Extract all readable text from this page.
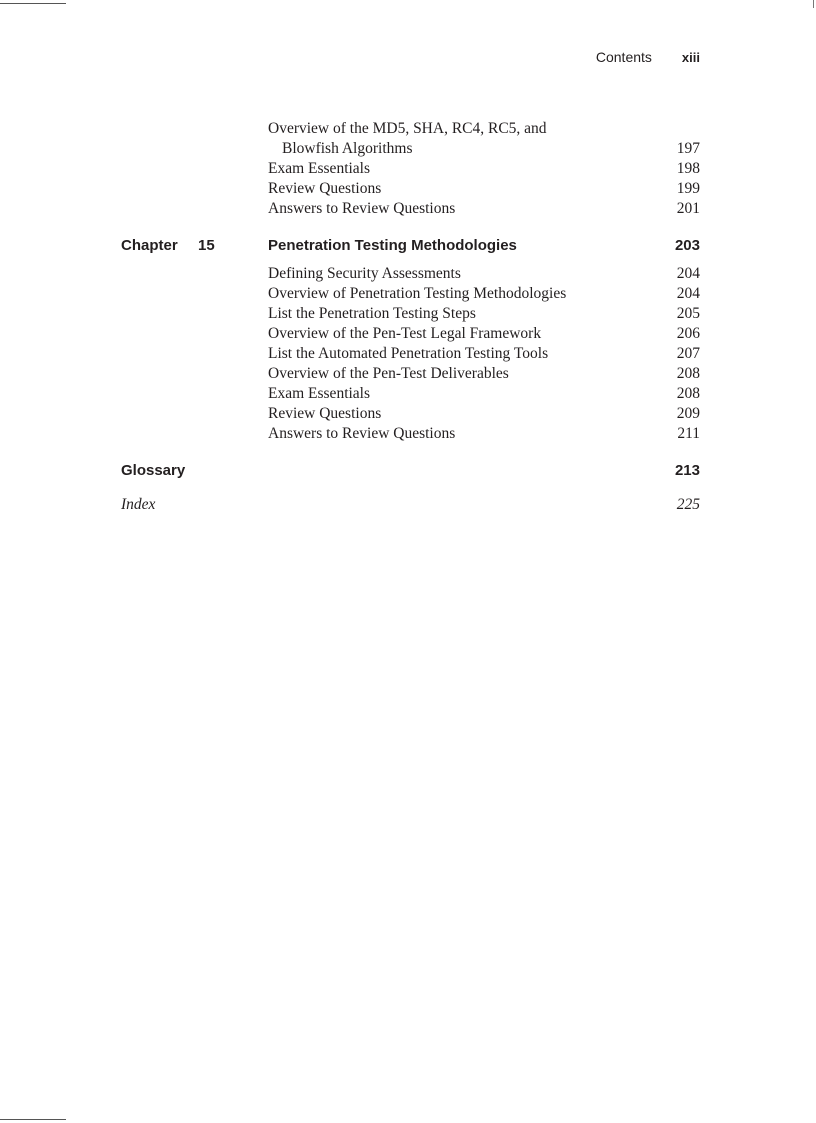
Contents xiii
Overview of the MD5, SHA, RC4, RC5, and
Blowfish Algorithms	197
Exam Essentials	198
Review Questions	199
Answers to Review Questions	201
Chapter 15	Penetration Testing Methodologies	203
Defining Security Assessments	204
Overview of Penetration Testing Methodologies	204
List the Penetration Testing Steps	205
Overview of the Pen-Test Legal Framework	206
List the Automated Penetration Testing Tools	207
Overview of the Pen-Test Deliverables	208
Exam Essentials	208
Review Questions	209
Answers to Review Questions	211
Glossary	213
Index	225
